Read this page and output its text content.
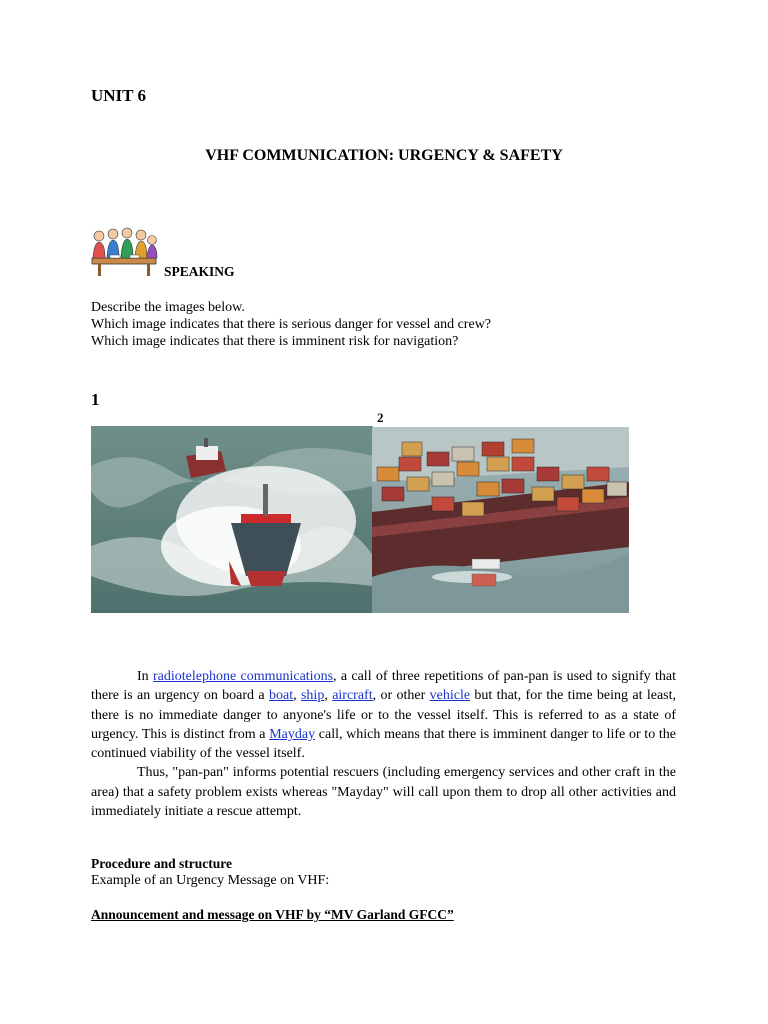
UNIT 6
VHF COMMUNICATION: URGENCY & SAFETY
SPEAKING
Describe the images below.
Which image indicates that there is serious danger for vessel and crew?
Which image indicates that there is imminent risk for navigation?
1
2

In radiotelephone communications, a call of three repetitions of pan-pan is used to signify that there is an urgency on board a boat, ship, aircraft, or other vehicle but that, for the time being at least, there is no immediate danger to anyone's life or to the vessel itself. This is referred to as a state of urgency. This is distinct from a Mayday call, which means that there is imminent danger to life or to the continued viability of the vessel itself.

Thus, "pan-pan" informs potential rescuers (including emergency services and other craft in the area) that a safety problem exists whereas "Mayday" will call upon them to drop all other activities and immediately initiate a rescue attempt.

Procedure and structure
Example of an Urgency Message on VHF:
Announcement and message on VHF by “MV Garland GFCC”
